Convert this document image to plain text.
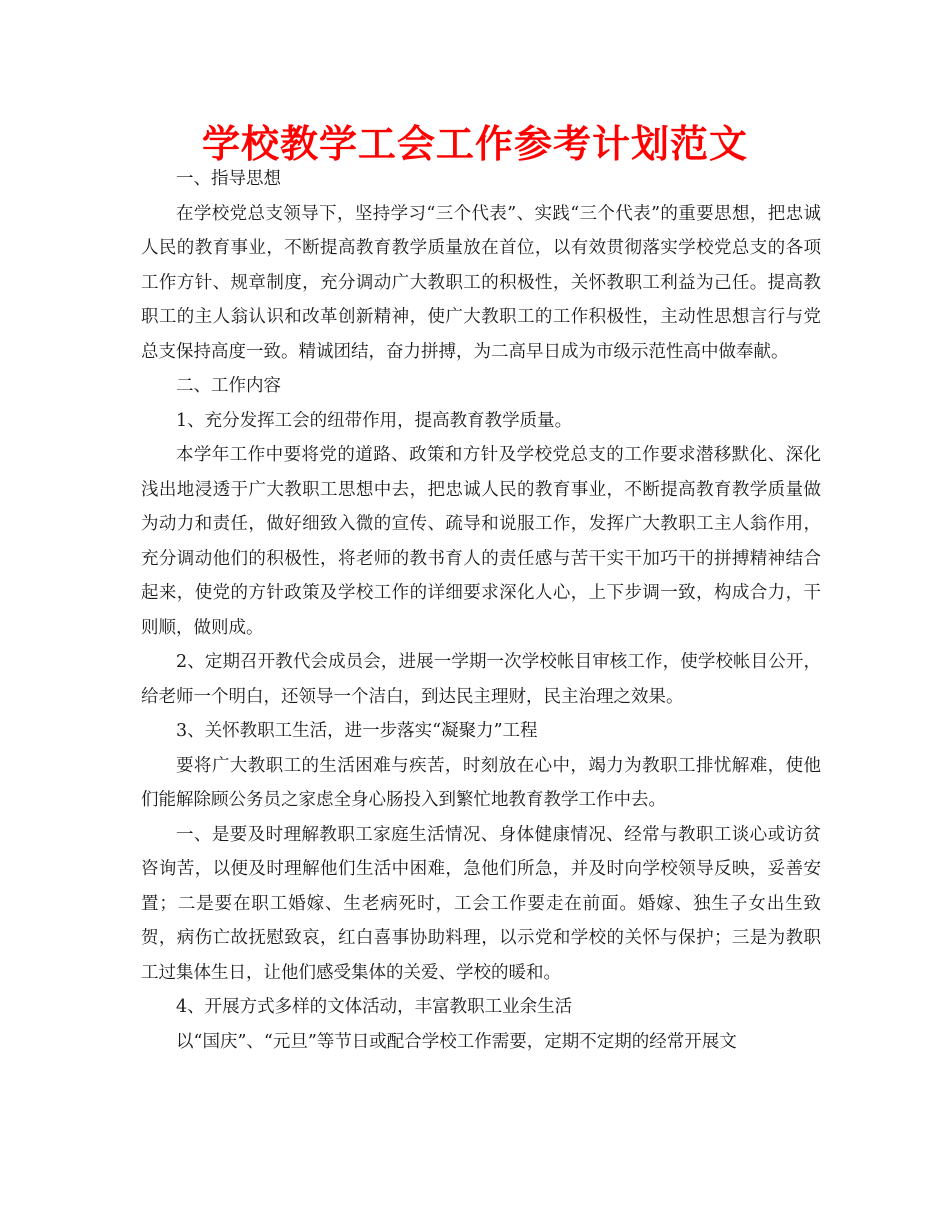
学校教学工会工作参考计划范文

一、指导思想

在学校党总支领导下，坚持学习“三个代表”、实践“三个代表”的重要思想，把忠诚人民的教育事业，不断提高教育教学质量放在首位，以有效贯彻落实学校党总支的各项工作方针、规章制度，充分调动广大教职工的积极性，关怀教职工利益为己任。提高教职工的主人翁认识和改革创新精神，使广大教职工的工作积极性，主动性思想言行与党总支保持高度一致。精诚团结，奋力拼搏，为二高早日成为市级示范性高中做奉献。

二、工作内容

1、充分发挥工会的纽带作用，提高教育教学质量。

本学年工作中要将党的道路、政策和方针及学校党总支的工作要求潜移默化、深化浅出地浸透于广大教职工思想中去，把忠诚人民的教育事业，不断提高教育教学质量做为动力和责任，做好细致入微的宣传、疏导和说服工作，发挥广大教职工主人翁作用，充分调动他们的积极性，将老师的教书育人的责任感与苦干实干加巧干的拼搏精神结合起来，使党的方针政策及学校工作的详细要求深化人心，上下步调一致，构成合力，干则顺，做则成。

2、定期召开教代会成员会，进展一学期一次学校帐目审核工作，使学校帐目公开，给老师一个明白，还领导一个洁白，到达民主理财，民主治理之效果。

3、关怀教职工生活，进一步落实“凝聚力”工程

要将广大教职工的生活困难与疾苦，时刻放在心中，竭力为教职工排忧解难，使他们能解除顾公务员之家虑全身心肠投入到繁忙地教育教学工作中去。

一、是要及时理解教职工家庭生活情况、身体健康情况、经常与教职工谈心或访贫咨询苦，以便及时理解他们生活中困难，急他们所急，并及时向学校领导反映，妥善安置；二是要在职工婚嫁、生老病死时，工会工作要走在前面。婚嫁、独生子女出生致贺，病伤亡故抚慰致哀，红白喜事协助料理，以示党和学校的关怀与保护；三是为教职工过集体生日，让他们感受集体的关爱、学校的暖和。

4、开展方式多样的文体活动，丰富教职工业余生活

以“国庆”、“元旦”等节日或配合学校工作需要，定期不定期的经常开展文
